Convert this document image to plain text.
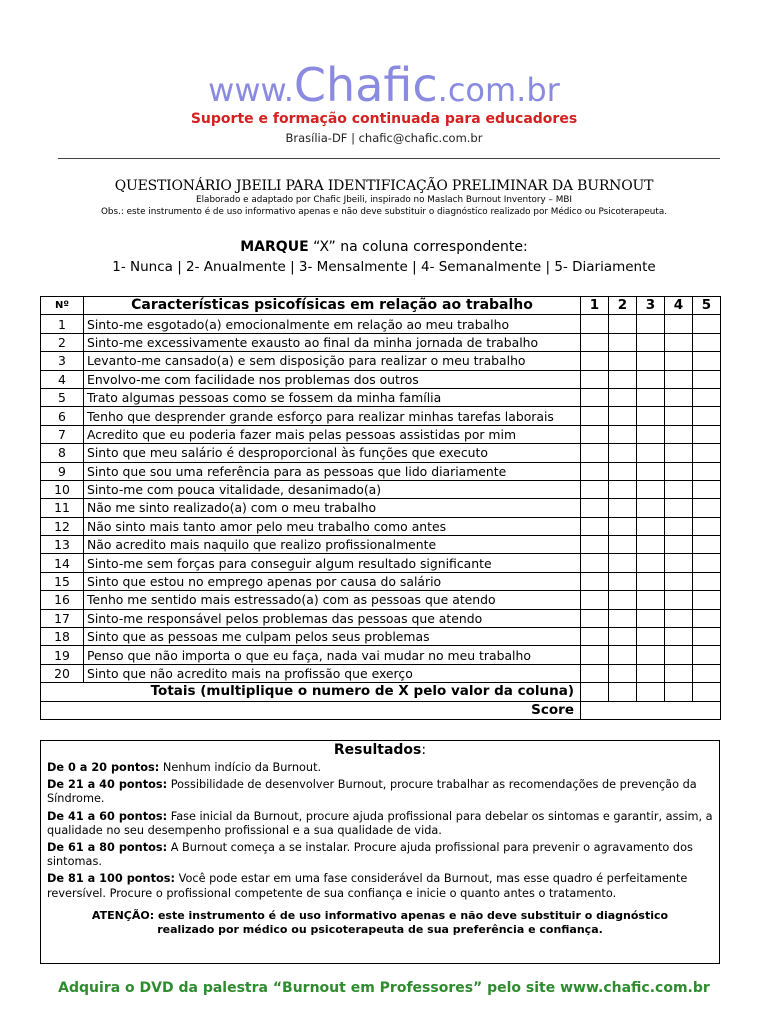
www.Chafic.com.br
Suporte e formação continuada para educadores
Brasília-DF | chafic@chafic.com.br
QUESTIONÁRIO JBEILI PARA IDENTIFICAÇÃO PRELIMINAR DA BURNOUT
Elaborado e adaptado por Chafic Jbeili, inspirado no Maslach Burnout Inventory – MBI
Obs.: este instrumento é de uso informativo apenas e não deve substituir o diagnóstico realizado por Médico ou Psicoterapeuta.
MARQUE “X” na coluna correspondente:
1- Nunca | 2- Anualmente | 3- Mensalmente | 4- Semanalmente | 5- Diariamente
Nº	Características psicofísicas em relação ao trabalho	1	2	3	4	5
1	Sinto-me esgotado(a) emocionalmente em relação ao meu trabalho					
2	Sinto-me excessivamente exausto ao final da minha jornada de trabalho					
3	Levanto-me cansado(a) e sem disposição para realizar o meu trabalho					
4	Envolvo-me com facilidade nos problemas dos outros					
5	Trato algumas pessoas como se fossem da minha família					
6	Tenho que desprender grande esforço para realizar minhas tarefas laborais					
7	Acredito que eu poderia fazer mais pelas pessoas assistidas por mim					
8	Sinto que meu salário é desproporcional às funções que executo					
9	Sinto que sou uma referência para as pessoas que lido diariamente					
10	Sinto-me com pouca vitalidade, desanimado(a)					
11	Não me sinto realizado(a) com o meu trabalho					
12	Não sinto mais tanto amor pelo meu trabalho como antes					
13	Não acredito mais naquilo que realizo profissionalmente					
14	Sinto-me sem forças para conseguir algum resultado significante					
15	Sinto que estou no emprego apenas por causa do salário					
16	Tenho me sentido mais estressado(a) com as pessoas que atendo					
17	Sinto-me responsável pelos problemas das pessoas que atendo					
18	Sinto que as pessoas me culpam pelos seus problemas					
19	Penso que não importa o que eu faça, nada vai mudar no meu trabalho					
20	Sinto que não acredito mais na profissão que exerço					
Totais (multiplique o numero de X pelo valor da coluna)						
Score						
Resultados:
De 0 a 20 pontos: Nenhum indício da Burnout.
De 21 a 40 pontos: Possibilidade de desenvolver Burnout, procure trabalhar as recomendações de prevenção da Síndrome.
De 41 a 60 pontos: Fase inicial da Burnout, procure ajuda profissional para debelar os sintomas e garantir, assim, a qualidade no seu desempenho profissional e a sua qualidade de vida.
De 61 a 80 pontos: A Burnout começa a se instalar. Procure ajuda profissional para prevenir o agravamento dos sintomas.
De 81 a 100 pontos: Você pode estar em uma fase considerável da Burnout, mas esse quadro é perfeitamente reversível. Procure o profissional competente de sua confiança e inicie o quanto antes o tratamento.
ATENÇÃO: este instrumento é de uso informativo apenas e não deve substituir o diagnóstico
realizado por médico ou psicoterapeuta de sua preferência e confiança.
Adquira o DVD da palestra “Burnout em Professores” pelo site www.chafic.com.br
